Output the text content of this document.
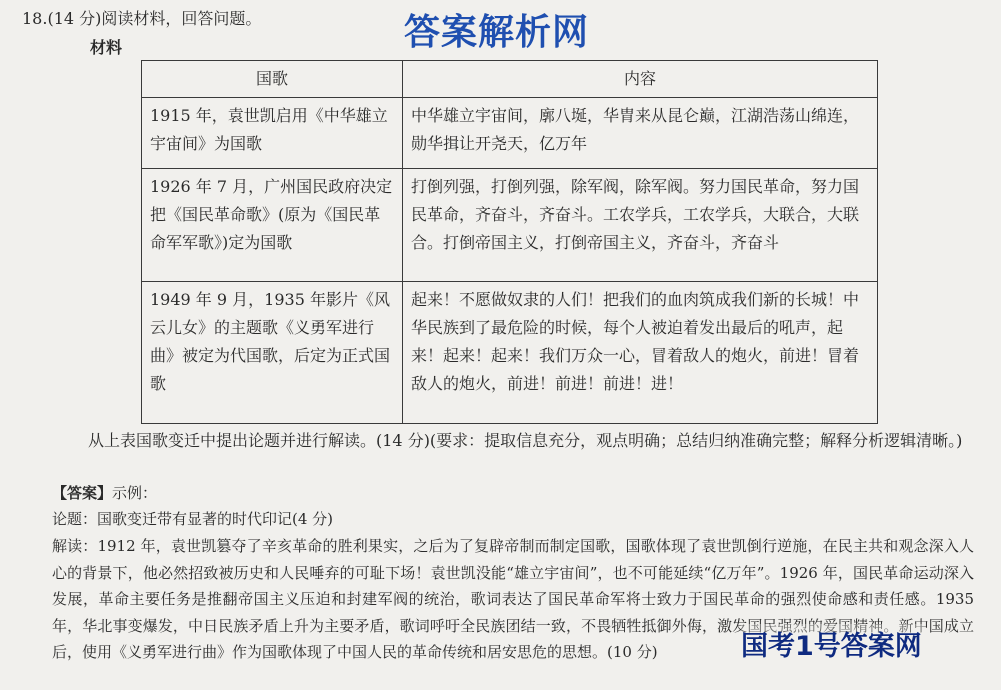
18.(14 分)阅读材料，回答问题。
材料	答案解析网
国歌	内容
1915 年，袁世凯启用《中华雄立宇宙间》为国歌	中华雄立宇宙间，廓八埏，华胄来从昆仑巅，江湖浩荡山绵连，勋华揖让开尧天，亿万年
1926 年 7 月，广州国民政府决定把《国民革命歌》(原为《国民革命军军歌》)定为国歌	打倒列强，打倒列强，除军阀，除军阀。努力国民革命，努力国民革命，齐奋斗，齐奋斗。工农学兵，工农学兵，大联合，大联合。打倒帝国主义，打倒帝国主义，齐奋斗，齐奋斗
1949 年 9 月，1935 年影片《风云儿女》的主题歌《义勇军进行曲》被定为代国歌，后定为正式国歌	起来！不愿做奴隶的人们！把我们的血肉筑成我们新的长城！中华民族到了最危险的时候，每个人被迫着发出最后的吼声，起来！起来！起来！我们万众一心，冒着敌人的炮火，前进！冒着敌人的炮火，前进！前进！前进！进！
从上表国歌变迁中提出论题并进行解读。(14 分)(要求：提取信息充分，观点明确；总结归纳准确完整；解释分析逻辑清晰。)
【答案】示例：
论题：国歌变迁带有显著的时代印记(4 分)
解读：1912 年，袁世凯篡夺了辛亥革命的胜利果实，之后为了复辟帝制而制定国歌，国歌体现了袁世凯倒行逆施，在民主共和观念深入人心的背景下，他必然招致被历史和人民唾弃的可耻下场！袁世凯没能“雄立宇宙间”，也不可能延续“亿万年”。1926 年，国民革命运动深入发展，革命主要任务是推翻帝国主义压迫和封建军阀的统治，歌词表达了国民革命军将士致力于国民革命的强烈使命感和责任感。1935 年，华北事变爆发，中日民族矛盾上升为主要矛盾，歌词呼吁全民族团结一致，不畏牺牲抵御外侮，激发国民强烈的爱国精神。新中国成立后，使用《义勇军进行曲》作为国歌体现了中国人民的革命传统和居安思危的思想。(10 分)	国考1号答案网
